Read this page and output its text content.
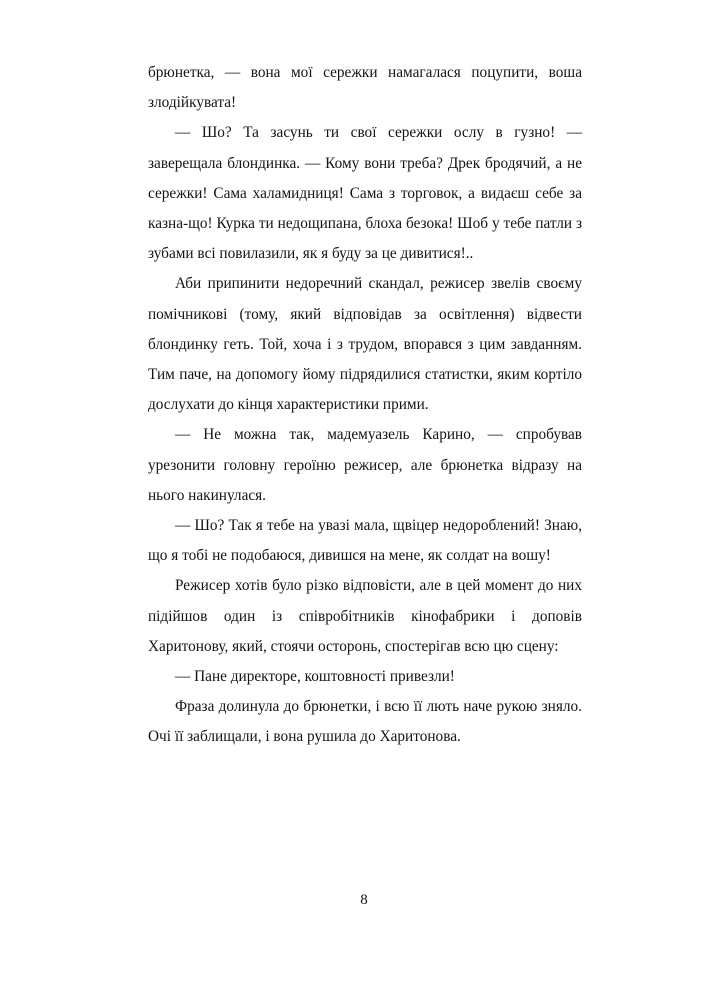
брюнетка, — вона мої сережки намагалася поцупити, воша злодійкувата!

— Шо? Та засунь ти свої сережки ослу в гузно! — заверещала блондинка. — Кому вони треба? Дрек бродячий, а не сережки! Сама халамидниця! Сама з торговок, а видаєш себе за казна-що! Курка ти недощипана, блоха безока! Шоб у тебе патли з зубами всі повилазили, як я буду за це дивитися!..

Аби припинити недоречний скандал, режисер звелів своєму помічникові (тому, який відповідав за освітлення) відвести блондинку геть. Той, хоча і з трудом, впорався з цим завданням. Тим паче, на допомогу йому підрядилися статистки, яким кортіло дослухати до кінця характеристики прими.

— Не можна так, мадемуазель Карино, — спробував урезонити головну героїню режисер, але брюнетка відразу на нього накинулася.

— Шо? Так я тебе на увазі мала, щвіцер недороблений! Знаю, що я тобі не подобаюся, дивишся на мене, як солдат на вошу!

Режисер хотів було різко відповісти, але в цей момент до них підійшов один із співробітників кінофабрики і доповів Харитонову, який, стоячи осторонь, спостерігав всю цю сцену:

— Пане директоре, коштовності привезли!

Фраза долинула до брюнетки, і всю її лють наче рукою зняло. Очі її заблищали, і вона рушила до Харитонова.

8
